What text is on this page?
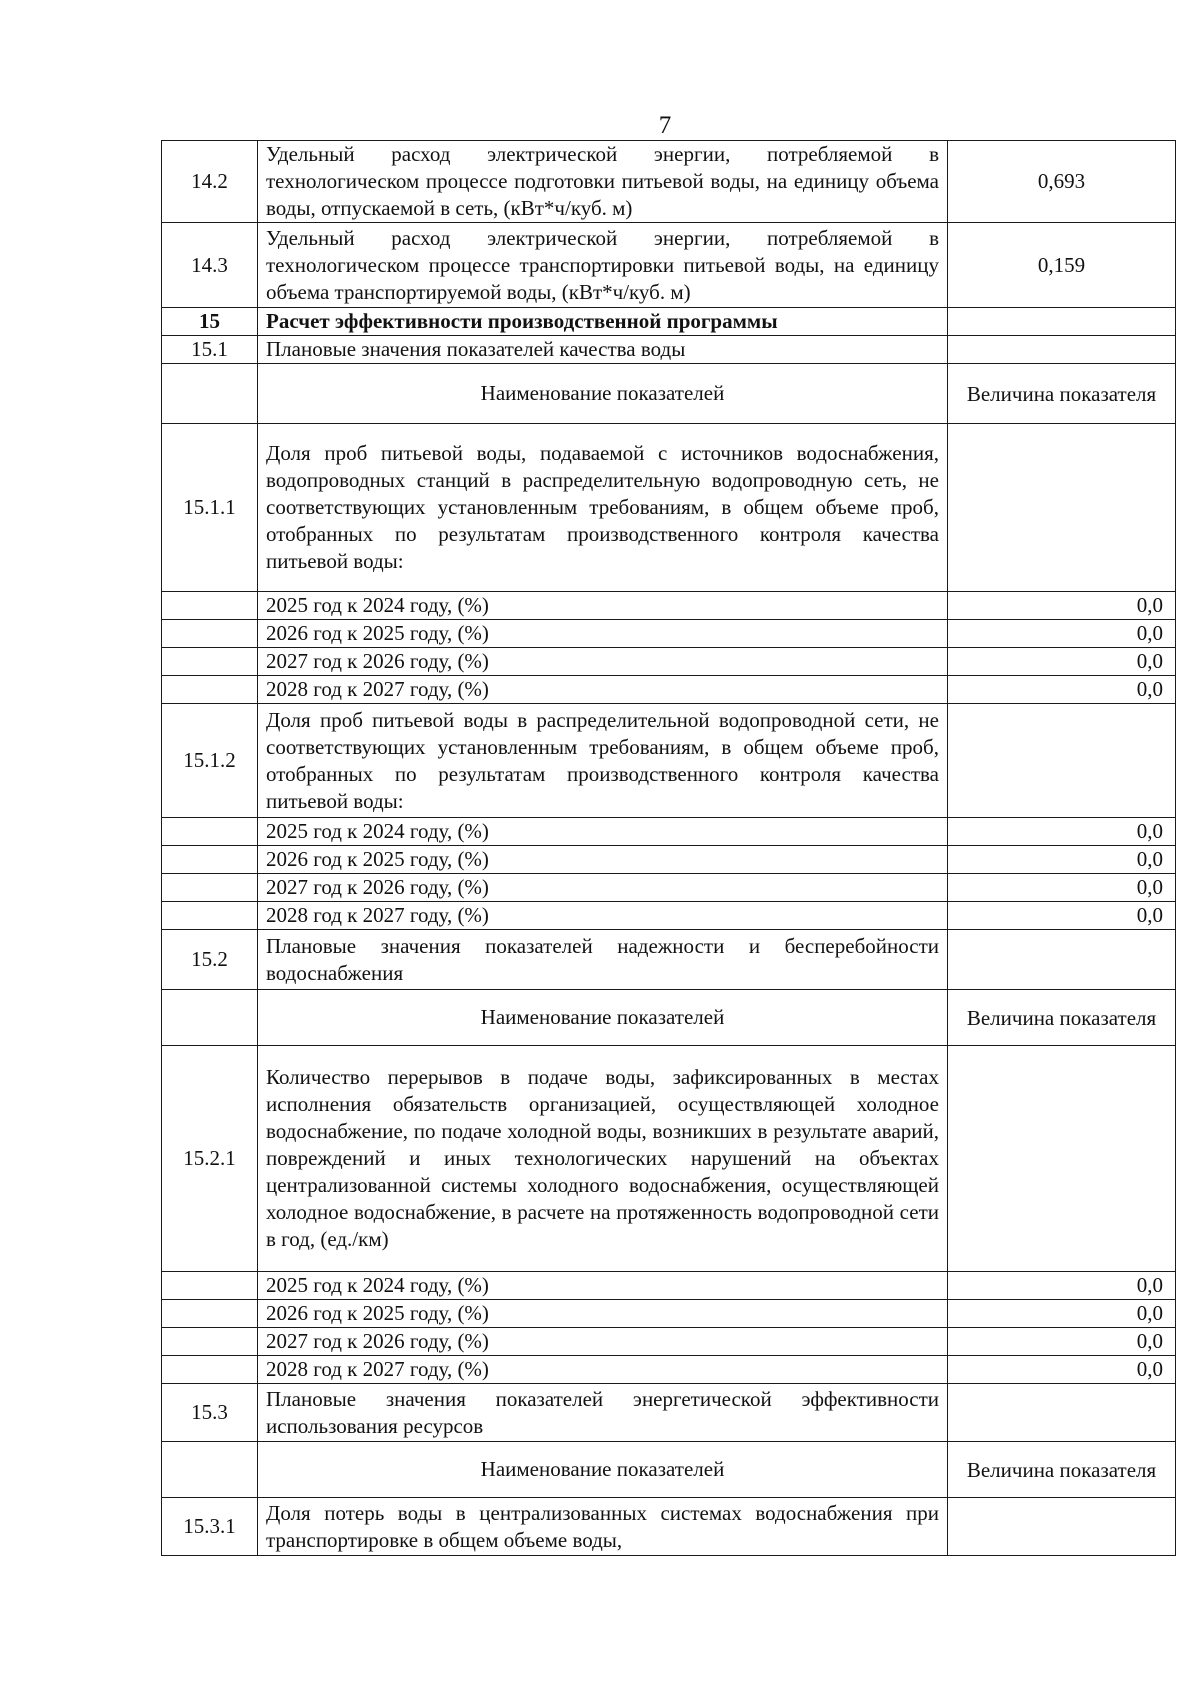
7
14.2	Удельный расход электрической энергии, потребляемой в технологическом процессе подготовки питьевой воды, на единицу объема воды, отпускаемой в сеть, (кВт*ч/куб. м)	0,693
14.3	Удельный расход электрической энергии, потребляемой в технологическом процессе транспортировки питьевой воды, на единицу объема транспортируемой воды, (кВт*ч/куб. м)	0,159
15	Расчет эффективности производственной программы	
15.1	Плановые значения показателей качества воды	
	Наименование показателей	Величина показателя
15.1.1	Доля проб питьевой воды, подаваемой с источников водоснабжения, водопроводных станций в распределительную водопроводную сеть, не соответствующих установленным требованиям, в общем объеме проб, отобранных по результатам производственного контроля качества питьевой воды:	
	2025 год к 2024 году, (%)	0,0
	2026 год к 2025 году, (%)	0,0
	2027 год к 2026 году, (%)	0,0
	2028 год к 2027 году, (%)	0,0
15.1.2	Доля проб питьевой воды в распределительной водопроводной сети, не соответствующих установленным требованиям, в общем объеме проб, отобранных по результатам производственного контроля качества питьевой воды:	
	2025 год к 2024 году, (%)	0,0
	2026 год к 2025 году, (%)	0,0
	2027 год к 2026 году, (%)	0,0
	2028 год к 2027 году, (%)	0,0
15.2	Плановые значения показателей надежности и бесперебойности водоснабжения	
	Наименование показателей	Величина показателя
15.2.1	Количество перерывов в подаче воды, зафиксированных в местах исполнения обязательств организацией, осуществляющей холодное водоснабжение, по подаче холодной воды, возникших в результате аварий, повреждений и иных технологических нарушений на объектах централизованной системы холодного водоснабжения, осуществляющей холодное водоснабжение, в расчете на протяженность водопроводной сети в год, (ед./км)	
	2025 год к 2024 году, (%)	0,0
	2026 год к 2025 году, (%)	0,0
	2027 год к 2026 году, (%)	0,0
	2028 год к 2027 году, (%)	0,0
15.3	Плановые значения показателей энергетической эффективности использования ресурсов	
	Наименование показателей	Величина показателя
15.3.1	Доля потерь воды в централизованных системах водоснабжения при транспортировке в общем объеме воды,	
